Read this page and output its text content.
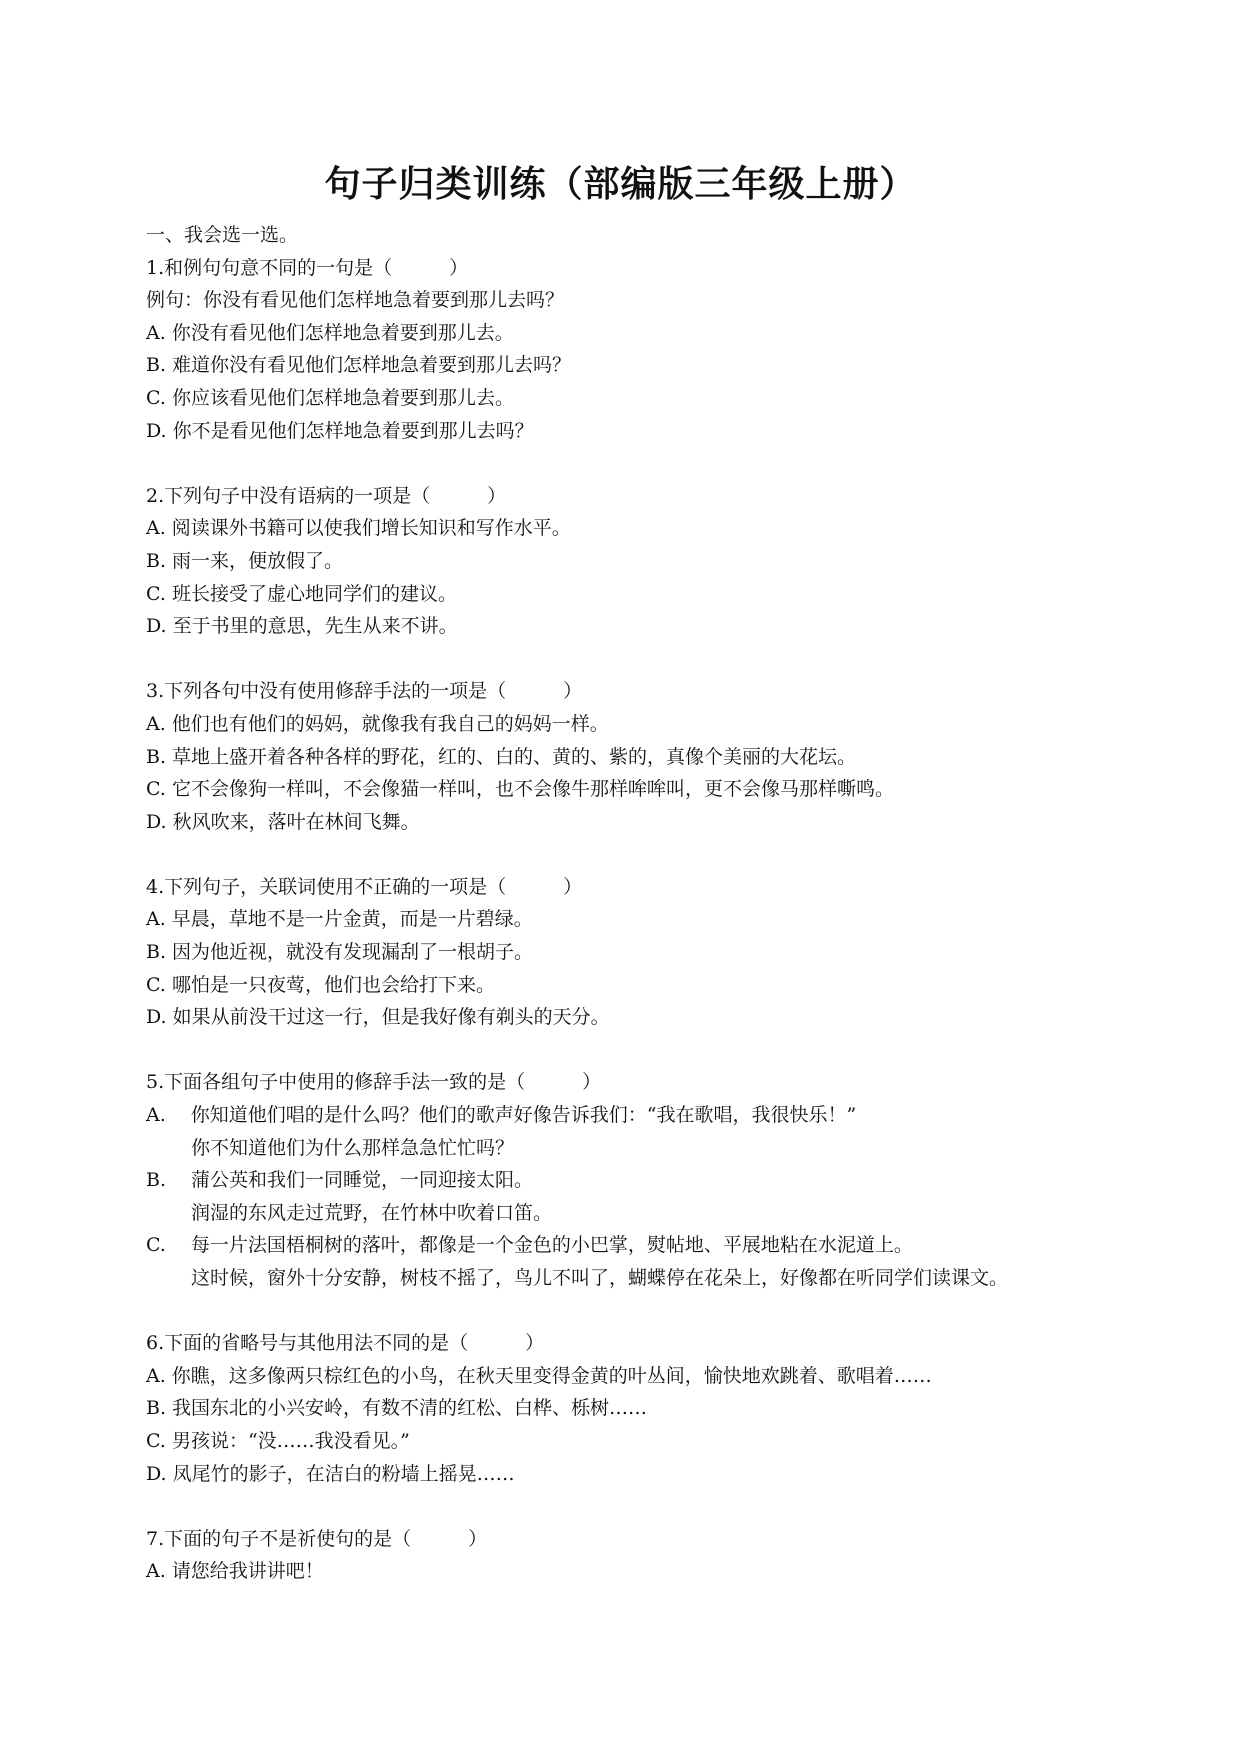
句子归类训练（部编版三年级上册）
一、我会选一选。
1.和例句句意不同的一句是（　　　）
例句：你没有看见他们怎样地急着要到那儿去吗？
A. 你没有看见他们怎样地急着要到那儿去。
B. 难道你没有看见他们怎样地急着要到那儿去吗？
C. 你应该看见他们怎样地急着要到那儿去。
D. 你不是看见他们怎样地急着要到那儿去吗？
2.下列句子中没有语病的一项是（　　　）
A. 阅读课外书籍可以使我们增长知识和写作水平。
B. 雨一来，便放假了。
C. 班长接受了虚心地同学们的建议。
D. 至于书里的意思，先生从来不讲。
3.下列各句中没有使用修辞手法的一项是（　　　）
A. 他们也有他们的妈妈，就像我有我自己的妈妈一样。
B. 草地上盛开着各种各样的野花，红的、白的、黄的、紫的，真像个美丽的大花坛。
C. 它不会像狗一样叫，不会像猫一样叫，也不会像牛那样哞哞叫，更不会像马那样嘶鸣。
D. 秋风吹来，落叶在林间飞舞。
4.下列句子，关联词使用不正确的一项是（　　　）
A. 早晨，草地不是一片金黄，而是一片碧绿。
B. 因为他近视，就没有发现漏刮了一根胡子。
C. 哪怕是一只夜莺，他们也会给打下来。
D. 如果从前没干过这一行，但是我好像有剃头的天分。
5.下面各组句子中使用的修辞手法一致的是（　　　）
A. 你知道他们唱的是什么吗？他们的歌声好像告诉我们：“我在歌唱，我很快乐！”
你不知道他们为什么那样急急忙忙吗？
B. 蒲公英和我们一同睡觉，一同迎接太阳。
润湿的东风走过荒野，在竹林中吹着口笛。
C. 每一片法国梧桐树的落叶，都像是一个金色的小巴掌，熨帖地、平展地粘在水泥道上。
这时候，窗外十分安静，树枝不摇了，鸟儿不叫了，蝴蝶停在花朵上，好像都在听同学们读课文。
6.下面的省略号与其他用法不同的是（　　　）
A. 你瞧，这多像两只棕红色的小鸟，在秋天里变得金黄的叶丛间，愉快地欢跳着、歌唱着……
B. 我国东北的小兴安岭，有数不清的红松、白桦、栎树……
C. 男孩说：“没……我没看见。”
D. 凤尾竹的影子，在洁白的粉墙上摇晃……
7.下面的句子不是祈使句的是（　　　）
A. 请您给我讲讲吧！
